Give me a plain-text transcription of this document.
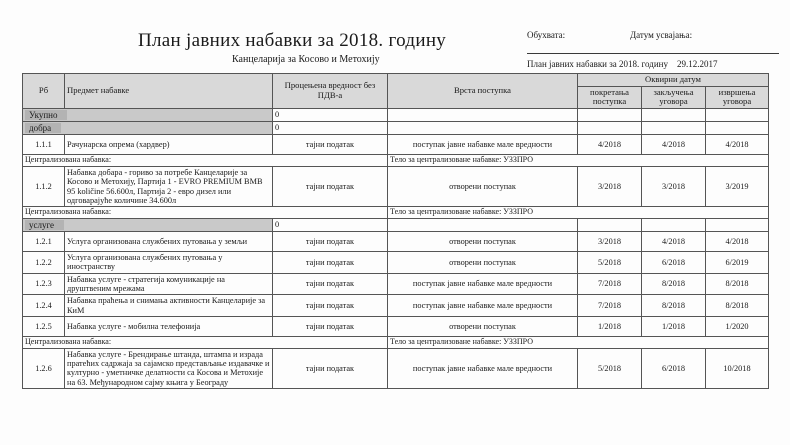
План јавних набавки за 2018. годину
Канцеларија за Косово и Метохију
Обухвата:	Датум усвајања:
План јавних набавки за 2018. годину	29.12.2017
Рб	Предмет набавке	Процењена вредност без ПДВ-а	Врста поступка	Оквирни датум		
				покретања поступка	закључења уговора	извршења уговора
Укупно		0				
добра		0				
1.1.1	Рачунарска опрема (хардвер)	тајни податак	поступак јавне набавке мале вредности	4/2018	4/2018	4/2018
Централизована набавка:			Тело за централизоване набавке: УЗЗПРО			
1.1.2	Набавка добара - гориво за потребе Канцеларије за Косово и Метохију, Партија 1 - EVRO PREMIUM BMB 95 količine 56.600л, Партија 2 - евро дизел или одговарајуће количине 34.600л	тајни податак	отворени поступак	3/2018	3/2018	3/2019
Централизована набавка:			Тело за централизоване набавке: УЗЗПРО			
услуге		0				
1.2.1	Услуга организована службених путовања у земљи	тајни податак	отворени поступак	3/2018	4/2018	4/2018
1.2.2	Услуга организована службених путовања у иностранству	тајни податак	отворени поступак	5/2018	6/2018	6/2019
1.2.3	Набавка услуге - стратегија комуникације на друштвеним мрежама	тајни податак	поступак јавне набавке мале вредности	7/2018	8/2018	8/2018
1.2.4	Набавка праћења и снимања активности Канцеларије за КиМ	тајни податак	поступак јавне набавке мале вредности	7/2018	8/2018	8/2018
1.2.5	Набавка услуге - мобилна телефонија	тајни податак	отворени поступак	1/2018	1/2018	1/2020
Централизована набавка:			Тело за централизоване набавке: УЗЗПРО			
1.2.6	Набавка услуге - Брендирање штанда, штампа и израда пратећих садржаја за сајамско представљање издавачке и културно - уметничке делатности са Косова и Метохије на 63. Међународном сајму књига у Београду	тајни податак	поступак јавне набавке мале вредности	5/2018	6/2018	10/2018
